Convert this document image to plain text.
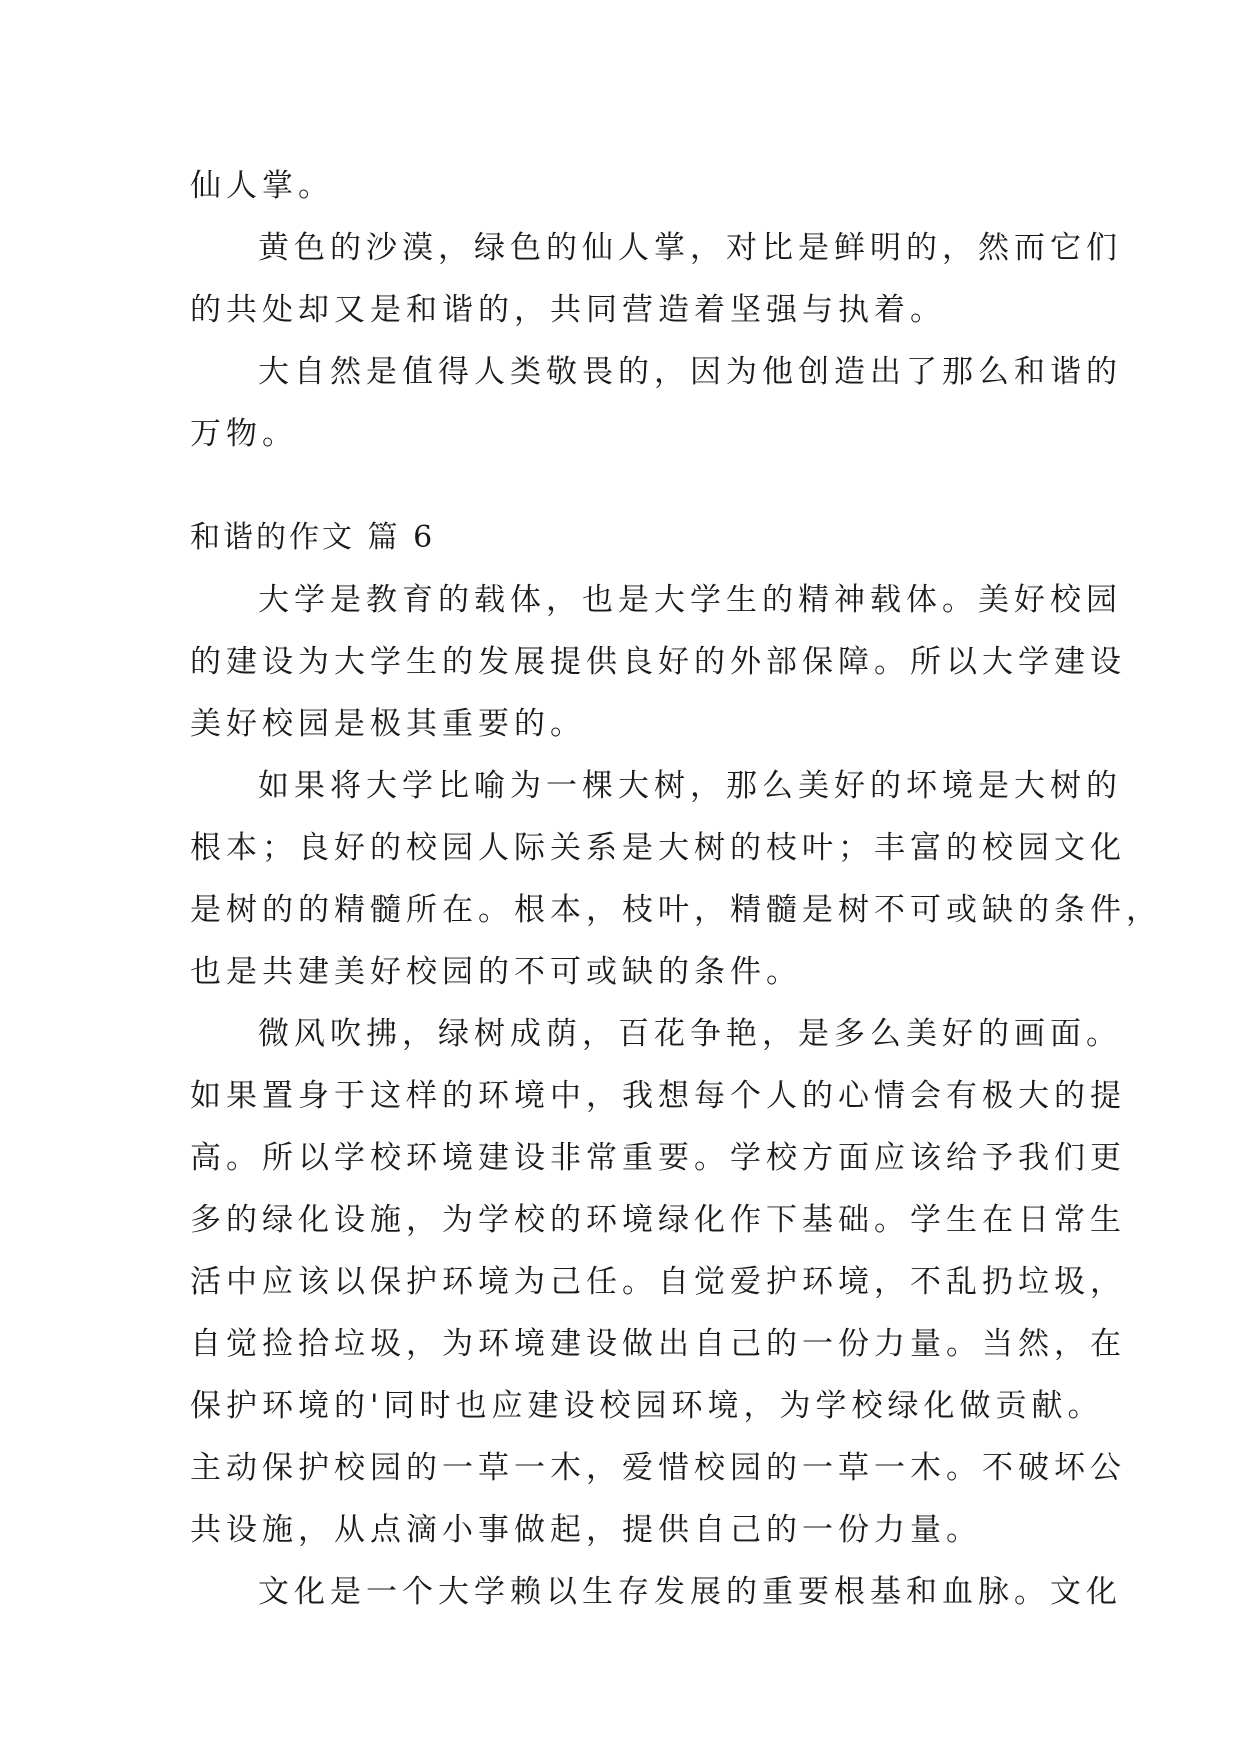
仙人掌。
黄色的沙漠，绿色的仙人掌，对比是鲜明的，然而它们
的共处却又是和谐的，共同营造着坚强与执着。
大自然是值得人类敬畏的，因为他创造出了那么和谐的
万物。
和谐的作文 篇 6
大学是教育的载体，也是大学生的精神载体。美好校园
的建设为大学生的发展提供良好的外部保障。所以大学建设
美好校园是极其重要的。
如果将大学比喻为一棵大树，那么美好的坏境是大树的
根本；良好的校园人际关系是大树的枝叶；丰富的校园文化
是树的的精髓所在。根本，枝叶，精髓是树不可或缺的条件，
也是共建美好校园的不可或缺的条件。
微风吹拂，绿树成荫，百花争艳，是多么美好的画面。
如果置身于这样的环境中，我想每个人的心情会有极大的提
高。所以学校环境建设非常重要。学校方面应该给予我们更
多的绿化设施，为学校的环境绿化作下基础。学生在日常生
活中应该以保护环境为己任。自觉爱护环境，不乱扔垃圾，
自觉捡拾垃圾，为环境建设做出自己的一份力量。当然，在
保护环境的'同时也应建设校园环境，为学校绿化做贡献。
主动保护校园的一草一木，爱惜校园的一草一木。不破坏公
共设施，从点滴小事做起，提供自己的一份力量。
文化是一个大学赖以生存发展的重要根基和血脉。文化
